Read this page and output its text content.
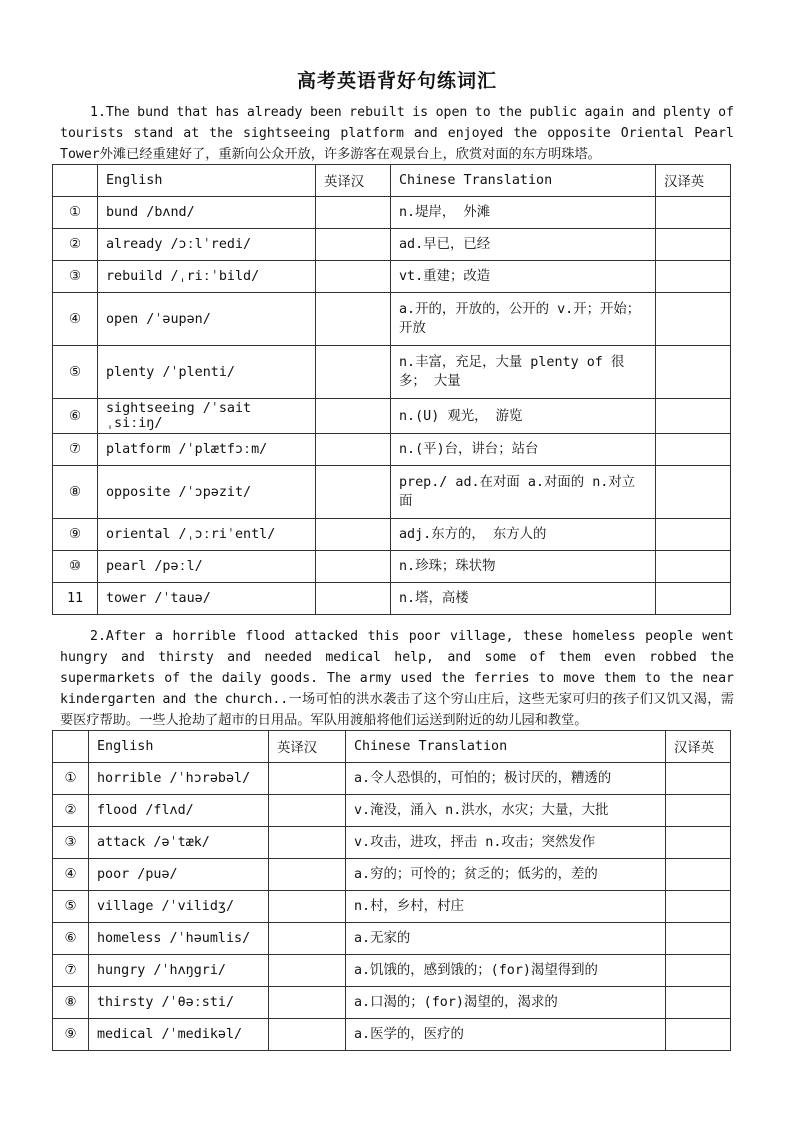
高考英语背好句练词汇
1.The bund that has already been rebuilt is open to the public again and plenty of tourists stand at the sightseeing platform and enjoyed the opposite Oriental Pearl Tower外滩已经重建好了，重新向公众开放，许多游客在观景台上，欣赏对面的东方明珠塔。
	English	英译汉	Chinese Translation	汉译英
①	bund /bʌnd/		n.堤岸， 外滩	
②	already /ɔːlˈredi/		ad.早已，已经	
③	rebuild /ˌriːˈbild/		vt.重建；改造	
④	open /ˈəupən/		a.开的，开放的，公开的 v.开；开始；开放	
⑤	plenty /ˈplenti/		n.丰富，充足，大量 plenty of 很多； 大量	
⑥	sightseeing /ˈsaitˌsiːiŋ/		n.(U) 观光， 游览	
⑦	platform /ˈplætfɔːm/		n.(平)台，讲台；站台	
⑧	opposite /ˈɔpəzit/		prep./ ad.在对面 a.对面的 n.对立面	
⑨	oriental /ˌɔːriˈentl/		adj.东方的， 东方人的	
⑩	pearl /pəːl/		n.珍珠；珠状物	
11	tower /ˈtauə/		n.塔，高楼	
2.After a horrible flood attacked this poor village, these homeless people went hungry and thirsty and needed medical help, and some of them even robbed the supermarkets of the daily goods. The army used the ferries to move them to the near kindergarten and the church..一场可怕的洪水袭击了这个穷山庄后，这些无家可归的孩子们又饥又渴，需要医疗帮助。一些人抢劫了超市的日用品。军队用渡船将他们运送到附近的幼儿园和教堂。
	English	英译汉	Chinese Translation	汉译英
①	horrible /ˈhɔrəbəl/		a.令人恐惧的，可怕的；极讨厌的，糟透的	
②	flood /flʌd/		v.淹没，涌入 n.洪水，水灾；大量，大批	
③	attack /əˈtæk/		v.攻击，进攻，抨击 n.攻击；突然发作	
④	poor /puə/		a.穷的；可怜的；贫乏的；低劣的，差的	
⑤	village /ˈvilidʒ/		n.村，乡村，村庄	
⑥	homeless /ˈhəumlis/		a.无家的	
⑦	hungry /ˈhʌŋgri/		a.饥饿的，感到饿的；(for)渴望得到的	
⑧	thirsty /ˈθəːsti/		a.口渴的；(for)渴望的，渴求的	
⑨	medical /ˈmedikəl/		a.医学的，医疗的	
